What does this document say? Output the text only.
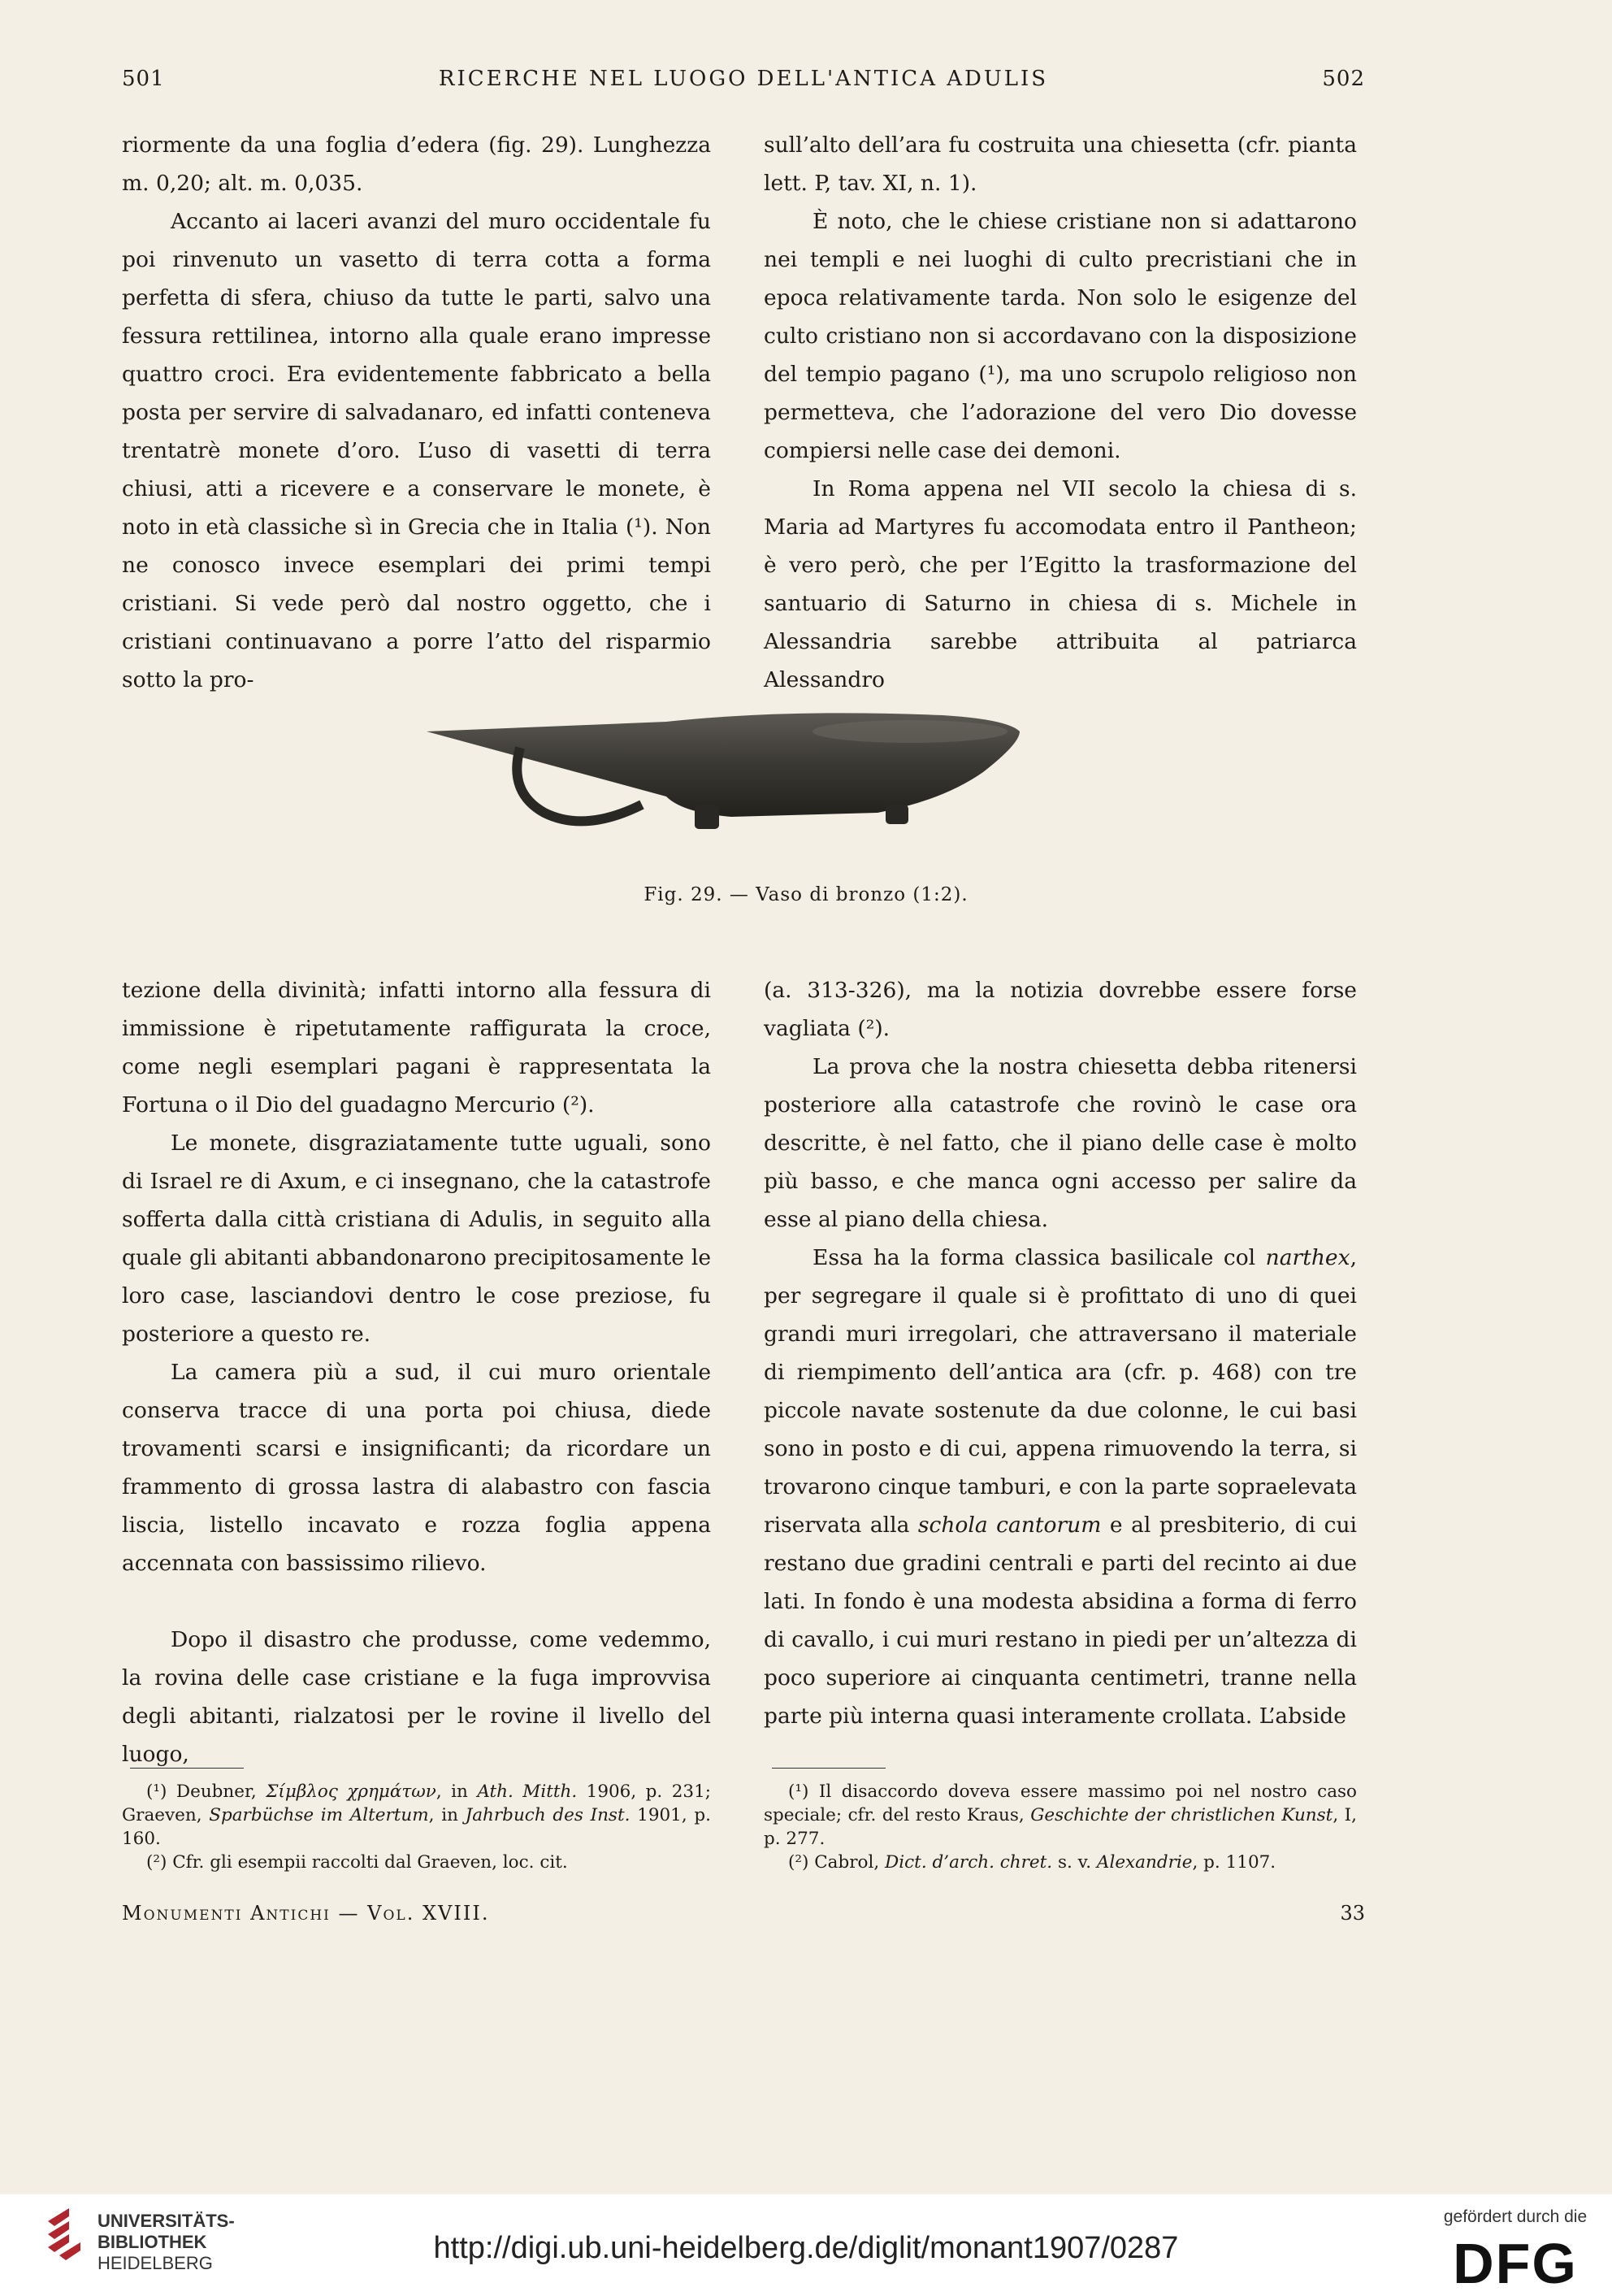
501	RICERCHE NEL LUOGO DELL'ANTICA ADULIS	502

riormente da una foglia d’edera (fig. 29). Lunghezza m. 0,20; alt. m. 0,035.

Accanto ai laceri avanzi del muro occidentale fu poi rinvenuto un vasetto di terra cotta a forma perfetta di sfera, chiuso da tutte le parti, salvo una fessura rettilinea, intorno alla quale erano impresse quattro croci. Era evidentemente fabbricato a bella posta per servire di salvadanaro, ed infatti conteneva trentatrè monete d’oro. L’uso di vasetti di terra chiusi, atti a ricevere e a conservare le monete, è noto in età classiche sì in Grecia che in Italia (¹). Non ne conosco invece esemplari dei primi tempi cristiani. Si vede però dal nostro oggetto, che i cristiani continuavano a porre l’atto del risparmio sotto la pro-

sull’alto dell’ara fu costruita una chiesetta (cfr. pianta lett. P, tav. XI, n. 1).

È noto, che le chiese cristiane non si adattarono nei templi e nei luoghi di culto precristiani che in epoca relativamente tarda. Non solo le esigenze del culto cristiano non si accordavano con la disposizione del tempio pagano (¹), ma uno scrupolo religioso non permetteva, che l’adorazione del vero Dio dovesse compiersi nelle case dei demoni.

In Roma appena nel VII secolo la chiesa di s. Maria ad Martyres fu accomodata entro il Pantheon; è vero però, che per l’Egitto la trasformazione del santuario di Saturno in chiesa di s. Michele in Alessandria sarebbe attribuita al patriarca Alessandro

Fig. 29. — Vaso di bronzo (1:2).

tezione della divinità; infatti intorno alla fessura di immissione è ripetutamente raffigurata la croce, come negli esemplari pagani è rappresentata la Fortuna o il Dio del guadagno Mercurio (²).

Le monete, disgraziatamente tutte uguali, sono di Israel re di Axum, e ci insegnano, che la catastrofe sofferta dalla città cristiana di Adulis, in seguito alla quale gli abitanti abbandonarono precipitosamente le loro case, lasciandovi dentro le cose preziose, fu posteriore a questo re.

La camera più a sud, il cui muro orientale conserva tracce di una porta poi chiusa, diede trovamenti scarsi e insignificanti; da ricordare un frammento di grossa lastra di alabastro con fascia liscia, listello incavato e rozza foglia appena accennata con bassissimo rilievo.

Dopo il disastro che produsse, come vedemmo, la rovina delle case cristiane e la fuga improvvisa degli abitanti, rialzatosi per le rovine il livello del luogo,

(a. 313-326), ma la notizia dovrebbe essere forse vagliata (²).

La prova che la nostra chiesetta debba ritenersi posteriore alla catastrofe che rovinò le case ora descritte, è nel fatto, che il piano delle case è molto più basso, e che manca ogni accesso per salire da esse al piano della chiesa.

Essa ha la forma classica basilicale col narthex, per segregare il quale si è profittato di uno di quei grandi muri irregolari, che attraversano il materiale di riempimento dell’antica ara (cfr. p. 468) con tre piccole navate sostenute da due colonne, le cui basi sono in posto e di cui, appena rimuovendo la terra, si trovarono cinque tamburi, e con la parte sopraelevata riservata alla schola cantorum e al presbiterio, di cui restano due gradini centrali e parti del recinto ai due lati. In fondo è una modesta absidina a forma di ferro di cavallo, i cui muri restano in piedi per un’altezza di poco superiore ai cinquanta centimetri, tranne nella parte più interna quasi interamente crollata. L’abside

(¹) Deubner, Σίμβλος χρημάτων, in Ath. Mitth. 1906, p. 231; Graeven, Sparbüchse im Altertum, in Jahrbuch des Inst. 1901, p. 160.

(²) Cfr. gli esempii raccolti dal Graeven, loc. cit.

(¹) Il disaccordo doveva essere massimo poi nel nostro caso speciale; cfr. del resto Kraus, Geschichte der christlichen Kunst, I, p. 277.

(²) Cabrol, Dict. d’arch. chret. s. v. Alexandrie, p. 1107.

Monumenti Antichi — Vol. XVIII.	33
UNIVERSITÄTS-
BIBLIOTHEK
HEIDELBERG	http://digi.ub.uni-heidelberg.de/diglit/monant1907/0287
gefördert durch die
DFG
